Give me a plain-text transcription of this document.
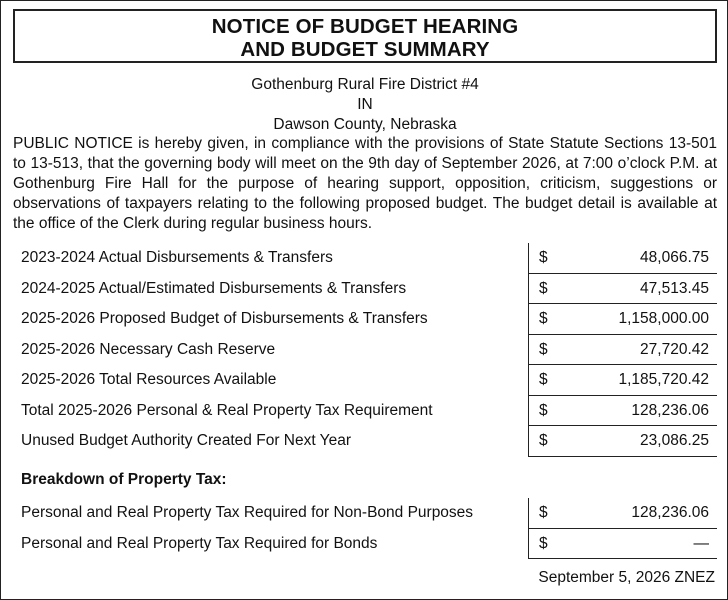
NOTICE OF BUDGET HEARING
AND BUDGET SUMMARY
Gothenburg Rural Fire District #4
IN
Dawson County, Nebraska
PUBLIC NOTICE is hereby given, in compliance with the provisions of State Statute Sections 13-501 to 13-513, that the governing body will meet on the 9th day of September 2026, at 7:00 o’clock P.M. at Gothenburg Fire Hall for the purpose of hearing support, opposition, criticism, suggestions or observations of taxpayers relating to the following proposed budget. The budget detail is available at the office of the Clerk during regular business hours.
2023-2024 Actual Disbursements & Transfers	$	48,066.75
2024-2025 Actual/Estimated Disbursements & Transfers	$	47,513.45
2025-2026 Proposed Budget of Disbursements & Transfers	$	1,158,000.00
2025-2026 Necessary Cash Reserve	$	27,720.42
2025-2026 Total Resources Available	$	1,185,720.42
Total 2025-2026 Personal & Real Property Tax Requirement	$	128,236.06
Unused Budget Authority Created For Next Year	$	23,086.25
Breakdown of Property Tax:
Personal and Real Property Tax Required for Non-Bond Purposes	$	128,236.06
Personal and Real Property Tax Required for Bonds	$	—
September 5, 2026 ZNEZ
